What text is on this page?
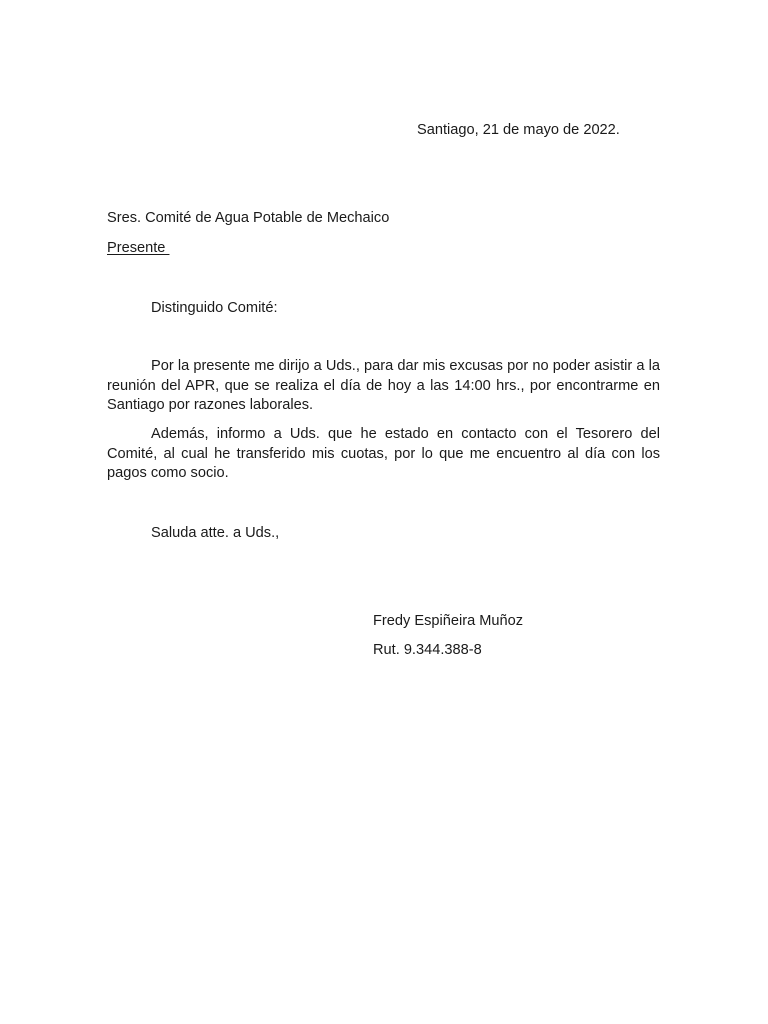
Santiago, 21 de mayo de 2022.
Sres. Comité de Agua Potable de Mechaico
Presente
Distinguido Comité:

Por la presente me dirijo a Uds., para dar mis excusas por no poder asistir a la reunión del APR, que se realiza el día de hoy a las 14:00 hrs., por encontrarme en Santiago por razones laborales.

Además, informo a Uds. que he estado en contacto con el Tesorero del Comité, al cual he transferido mis cuotas, por lo que me encuentro al día con los pagos como socio.

Saluda atte. a Uds.,
Fredy Espiñeira Muñoz
Rut. 9.344.388-8
